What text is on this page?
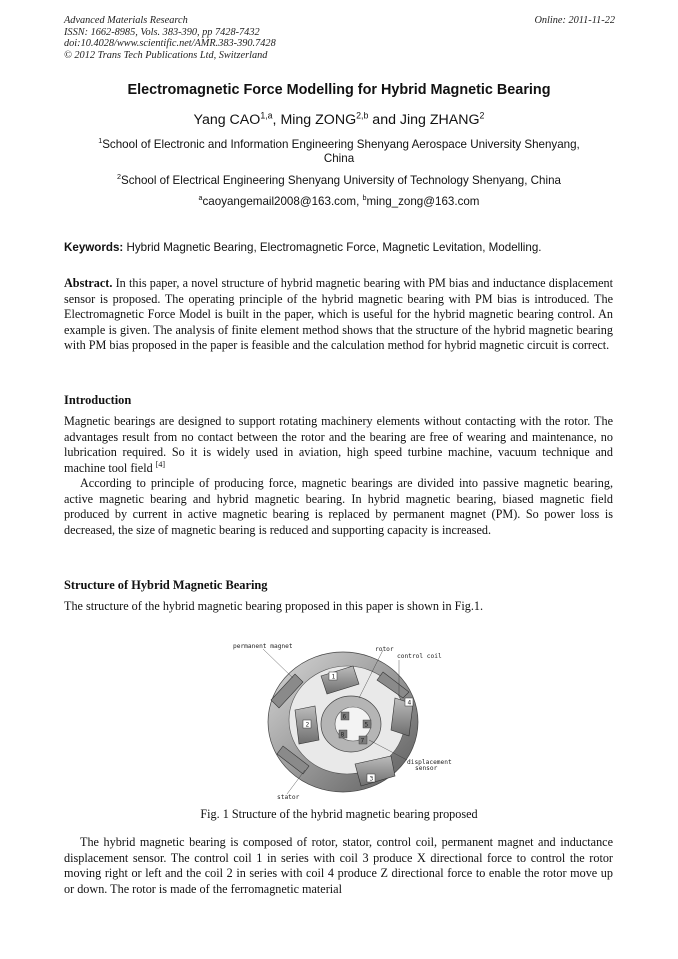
Advanced Materials Research
ISSN: 1662-8985, Vols. 383-390, pp 7428-7432
doi:10.4028/www.scientific.net/AMR.383-390.7428
© 2012 Trans Tech Publications Ltd, Switzerland
Online: 2011-11-22
Electromagnetic Force Modelling for Hybrid Magnetic Bearing
Yang CAO$^{1,a}$, Ming ZONG$^{2,b}$ and Jing ZHANG$^2$
$^1$School of Electronic and Information Engineering Shenyang Aerospace University Shenyang,
China
$^2$School of Electrical Engineering Shenyang University of Technology Shenyang, China
$^a$caoyangemail2008@163.com, $^b$ming_zong@163.com
Keywords: Hybrid Magnetic Bearing, Electromagnetic Force, Magnetic Levitation, Modelling.
Abstract. In this paper, a novel structure of hybrid magnetic bearing with PM bias and inductance displacement sensor is proposed. The operating principle of the hybrid magnetic bearing with PM bias is introduced. The Electromagnetic Force Model is built in the paper, which is useful for the hybrid magnetic bearing control. An example is given. The analysis of finite element method shows that the structure of the hybrid magnetic bearing with PM bias proposed in the paper is feasible and the calculation method for hybrid magnetic circuit is correct.
Introduction
Magnetic bearings are designed to support rotating machinery elements without contacting with the rotor. The advantages result from no contact between the rotor and the bearing are free of wearing and maintenance, no lubrication required. So it is widely used in aviation, high speed turbine machine, vacuum technique and machine tool field [4]
According to principle of producing force, magnetic bearings are divided into passive magnetic bearing, active magnetic bearing and hybrid magnetic bearing. In hybrid magnetic bearing, biased magnetic field produced by current in active magnetic bearing is replaced by permanent magnet (PM). So power loss is decreased, the size of magnetic bearing is reduced and supporting capacity is increased.
Structure of Hybrid Magnetic Bearing
The structure of the hybrid magnetic bearing proposed in this paper is shown in Fig.1.
1
2
3
4
6
5
8
7
permanent magnet	rotor
control coil
displacement
sensor
stator
Fig. 1 Structure of the hybrid magnetic bearing proposed
The hybrid magnetic bearing is composed of rotor, stator, control coil, permanent magnet and inductance displacement sensor. The control coil 1 in series with coil 3 produce X directional force to control the rotor moving right or left and the coil 2 in series with coil 4 produce Z directional force to enable the rotor move up or down. The rotor is made of the ferromagnetic material
